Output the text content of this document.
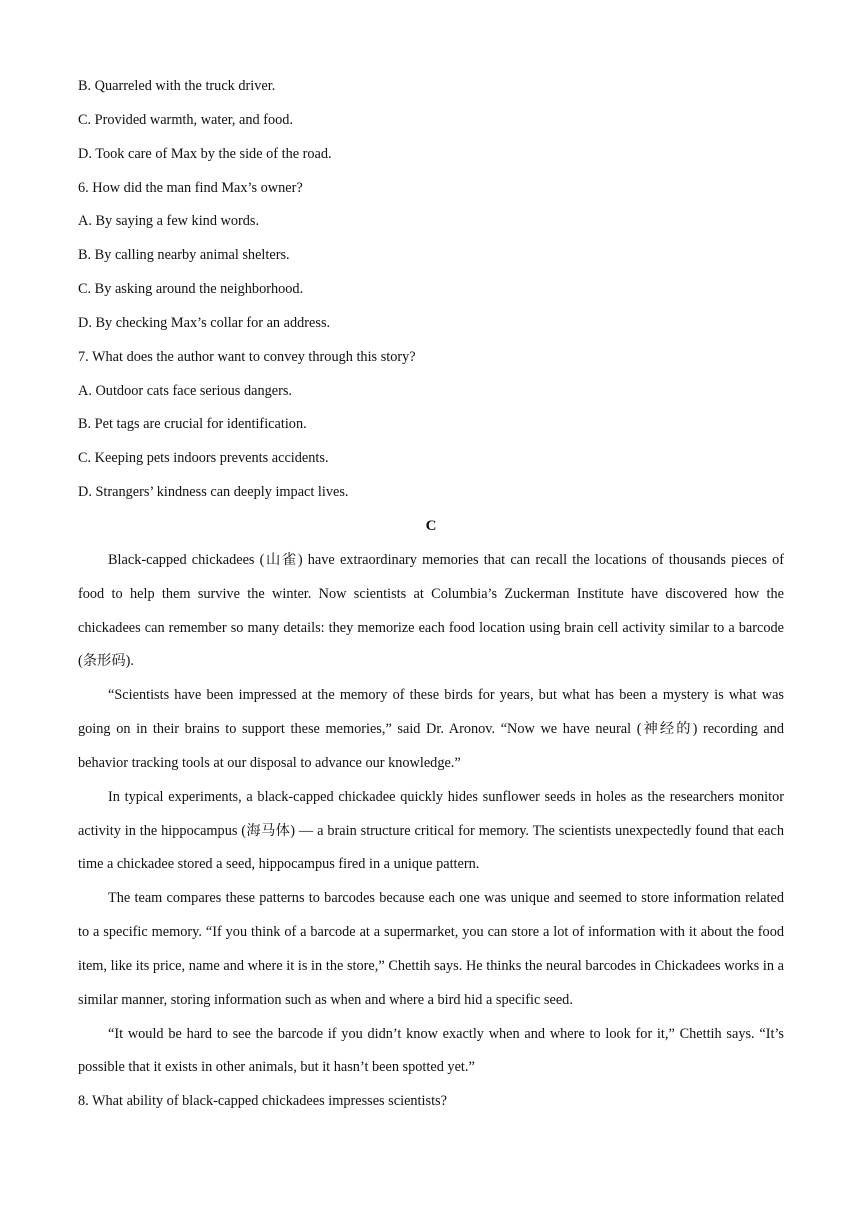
B. Quarreled with the truck driver.

C. Provided warmth, water, and food.

D. Took care of Max by the side of the road.

6. How did the man find Max’s owner?

A. By saying a few kind words.

B. By calling nearby animal shelters.

C. By asking around the neighborhood.

D. By checking Max’s collar for an address.

7. What does the author want to convey through this story?

A. Outdoor cats face serious dangers.

B. Pet tags are crucial for identification.

C. Keeping pets indoors prevents accidents.

D. Strangers’ kindness can deeply impact lives.

C

Black-capped chickadees (山雀) have extraordinary memories that can recall the locations of thousands pieces of food to help them survive the winter. Now scientists at Columbia’s Zuckerman Institute have discovered how the chickadees can remember so many details: they memorize each food location using brain cell activity similar to a barcode (条形码).

“Scientists have been impressed at the memory of these birds for years, but what has been a mystery is what was going on in their brains to support these memories,” said Dr. Aronov. “Now we have neural (神经的) recording and behavior tracking tools at our disposal to advance our knowledge.”

In typical experiments, a black-capped chickadee quickly hides sunflower seeds in holes as the researchers monitor activity in the hippocampus (海马体) — a brain structure critical for memory. The scientists unexpectedly found that each time a chickadee stored a seed, hippocampus fired in a unique pattern.

The team compares these patterns to barcodes because each one was unique and seemed to store information related to a specific memory. “If you think of a barcode at a supermarket, you can store a lot of information with it about the food item, like its price, name and where it is in the store,” Chettih says. He thinks the neural barcodes in Chickadees works in a similar manner, storing information such as when and where a bird hid a specific seed.

“It would be hard to see the barcode if you didn’t know exactly when and where to look for it,” Chettih says. “It’s possible that it exists in other animals, but it hasn’t been spotted yet.”

8. What ability of black-capped chickadees impresses scientists?
